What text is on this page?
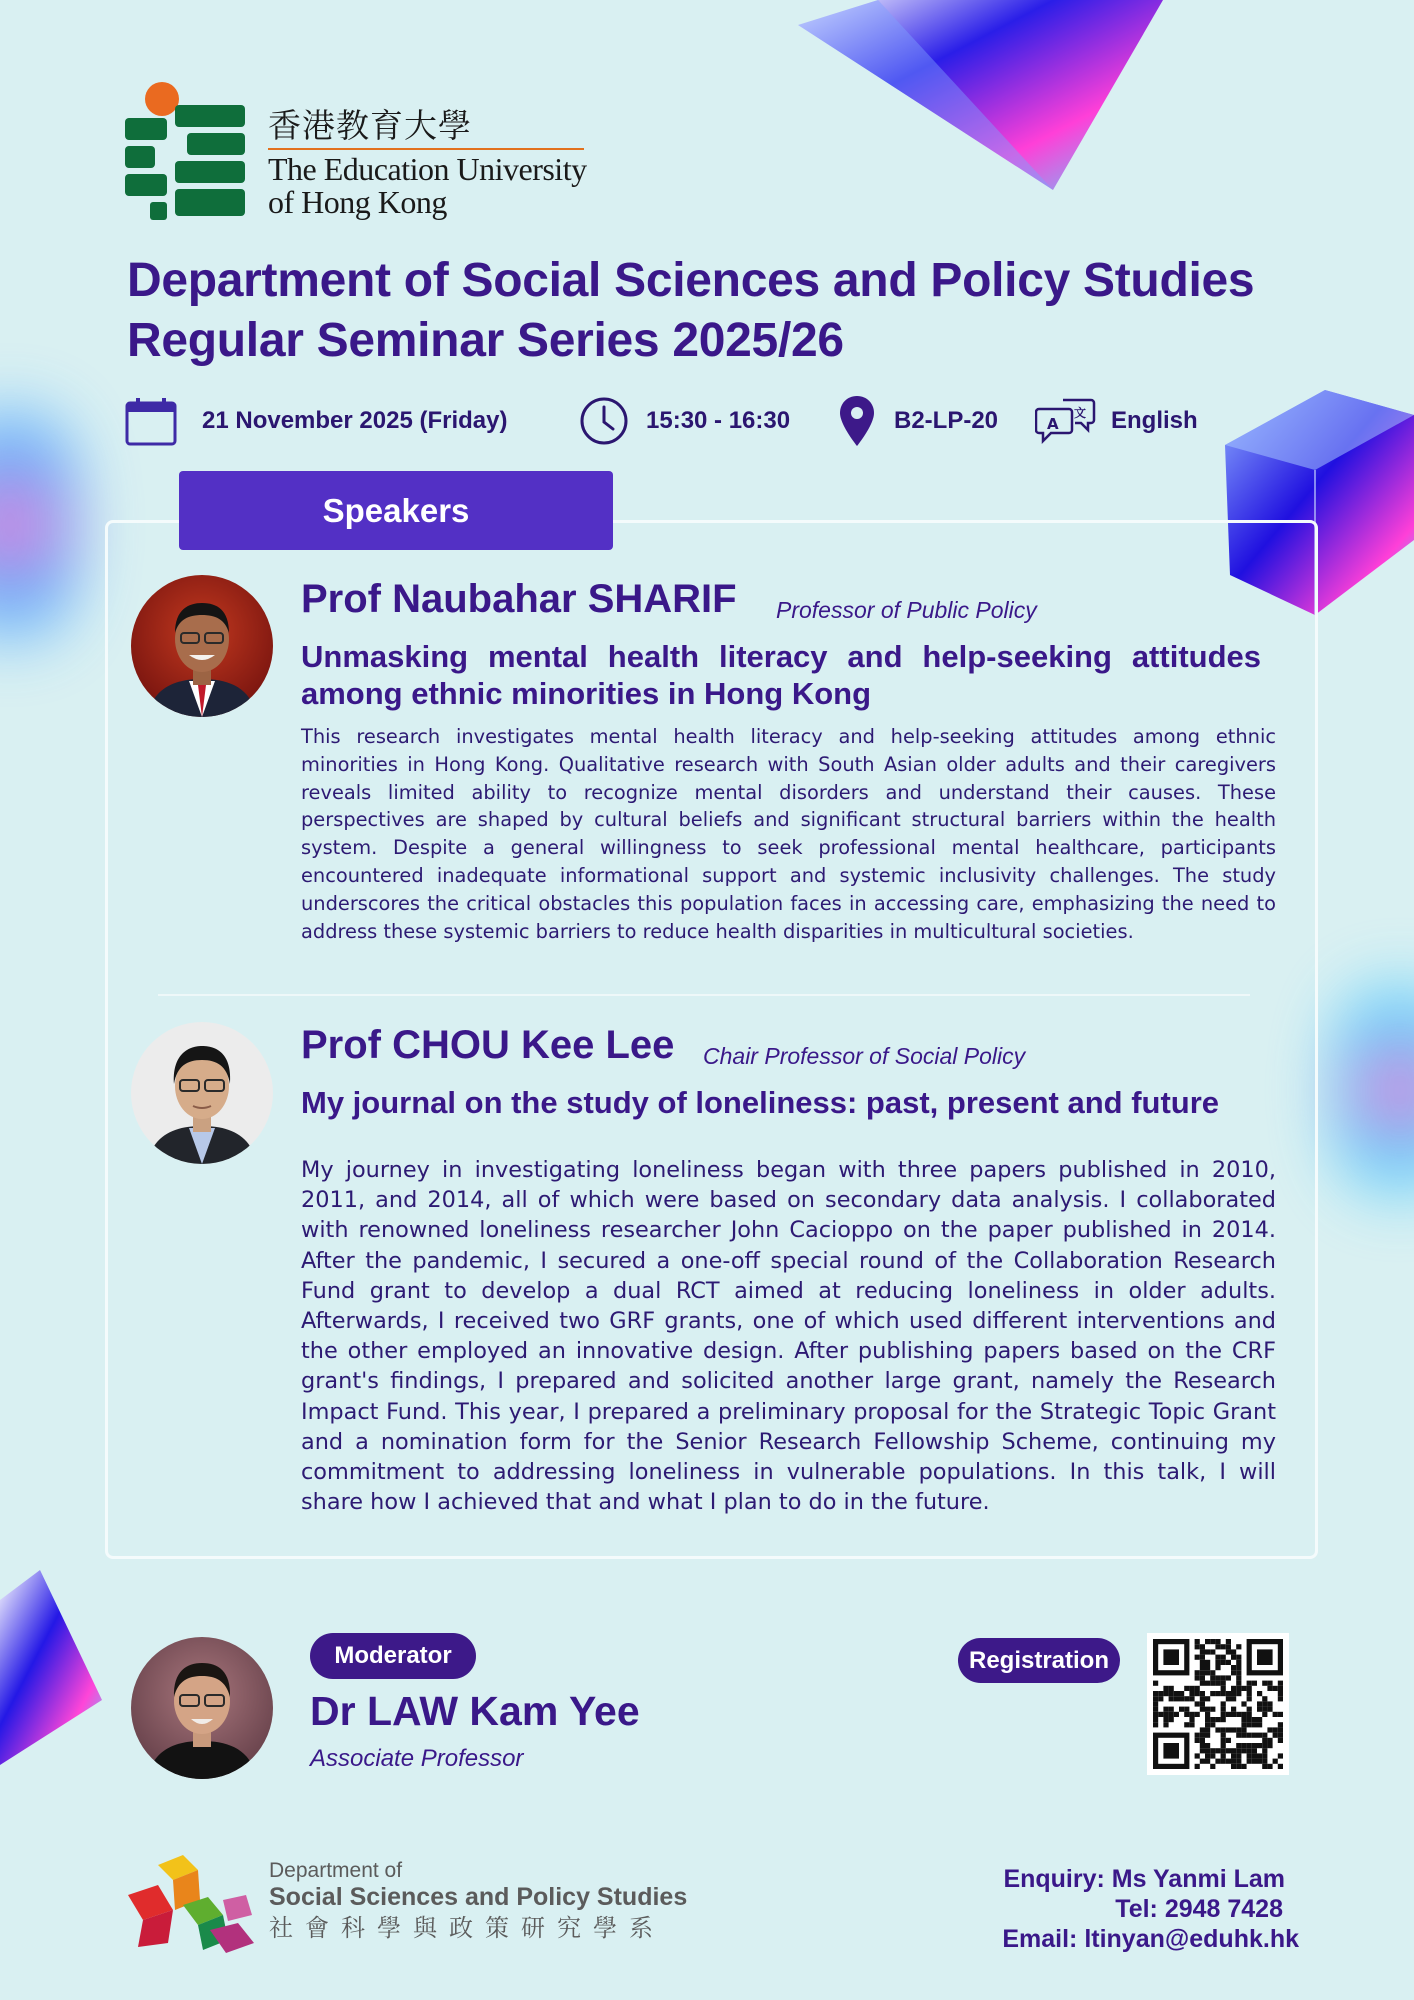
香港教育大學
The Education University
of Hong Kong
Department of Social Sciences and Policy Studies
Regular Seminar Series 2025/26
21 November 2025 (Friday)	15:30 - 16:30	B2-LP-20	A
文 English
Speakers
Prof Naubahar SHARIF Professor of Public Policy
Unmasking mental health literacy and help-seeking attitudes among ethnic minorities in Hong Kong
This research investigates mental health literacy and help-seeking attitudes among ethnic minorities in Hong Kong. Qualitative research with South Asian older adults and their caregivers reveals limited ability to recognize mental disorders and understand their causes. These perspectives are shaped by cultural beliefs and significant structural barriers within the health system. Despite a general willingness to seek professional mental healthcare, participants encountered inadequate informational support and systemic inclusivity challenges. The study underscores the critical obstacles this population faces in accessing care, emphasizing the need to address these systemic barriers to reduce health disparities in multicultural societies.
Prof CHOU Kee Lee Chair Professor of Social Policy
My journal on the study of loneliness: past, present and future
My journey in investigating loneliness began with three papers published in 2010, 2011, and 2014, all of which were based on secondary data analysis. I collaborated with renowned loneliness researcher John Cacioppo on the paper published in 2014. After the pandemic, I secured a one-off special round of the Collaboration Research Fund grant to develop a dual RCT aimed at reducing loneliness in older adults. Afterwards, I received two GRF grants, one of which used different interventions and the other employed an innovative design. After publishing papers based on the CRF grant's findings, I prepared and solicited another large grant, namely the Research Impact Fund. This year, I prepared a preliminary proposal for the Strategic Topic Grant and a nomination form for the Senior Research Fellowship Scheme, continuing my commitment to addressing loneliness in vulnerable populations. In this talk, I will share how I achieved that and what I plan to do in the future.
Moderator
Dr LAW Kam Yee
Associate Professor
Registration
Department of
Social Sciences and Policy Studies
社會科學與政策研究學系
Enquiry: Ms Yanmi Lam
Tel: 2948 7428
Email: ltinyan@eduhk.hk
